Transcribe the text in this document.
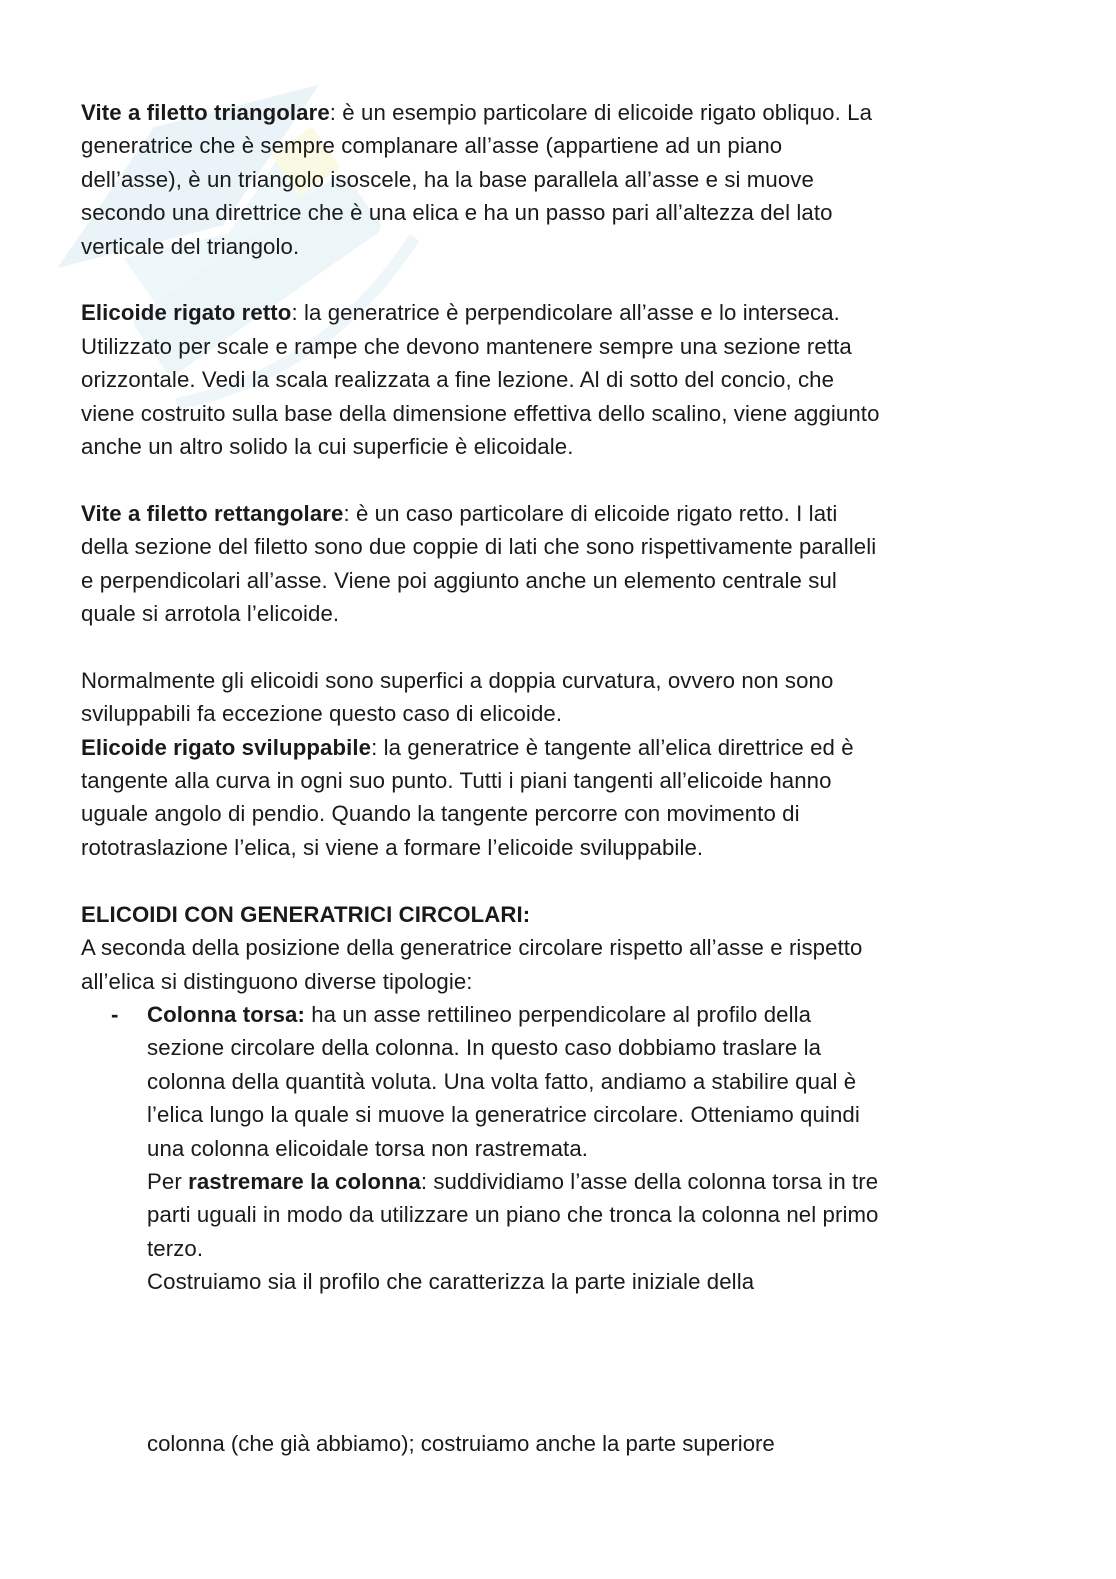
Vite a filetto triangolare: è un esempio particolare di elicoide rigato obliquo. La generatrice che è sempre complanare all’asse (appartiene ad un piano dell’asse), è un triangolo isoscele, ha la base parallela all’asse e si muove secondo una direttrice che è una elica e ha un passo pari all’altezza del lato verticale del triangolo.

Elicoide rigato retto: la generatrice è perpendicolare all’asse e lo interseca.

Utilizzato per scale e rampe che devono mantenere sempre una sezione retta orizzontale. Vedi la scala realizzata a fine lezione. Al di sotto del concio, che viene costruito sulla base della dimensione effettiva dello scalino, viene aggiunto anche un altro solido la cui superficie è elicoidale.

Vite a filetto rettangolare: è un caso particolare di elicoide rigato retto. I lati della sezione del filetto sono due coppie di lati che sono rispettivamente paralleli e perpendicolari all’asse. Viene poi aggiunto anche un elemento centrale sul quale si arrotola l’elicoide.

Normalmente gli elicoidi sono superfici a doppia curvatura, ovvero non sono sviluppabili fa eccezione questo caso di elicoide.

Elicoide rigato sviluppabile: la generatrice è tangente all’elica direttrice ed è tangente alla curva in ogni suo punto. Tutti i piani tangenti all’elicoide hanno uguale angolo di pendio. Quando la tangente percorre con movimento di rototraslazione l’elica, si viene a formare l’elicoide sviluppabile.

ELICOIDI CON GENERATRICI CIRCOLARI:

A seconda della posizione della generatrice circolare rispetto all’asse e rispetto all’elica si distinguono diverse tipologie:

- Colonna torsa: ha un asse rettilineo perpendicolare al profilo della sezione circolare della colonna. In questo caso dobbiamo traslare la colonna della quantità voluta. Una volta fatto, andiamo a stabilire qual è l’elica lungo la quale si muove la generatrice circolare. Otteniamo quindi una colonna elicoidale torsa non rastremata.

Per rastremare la colonna: suddividiamo l’asse della colonna torsa in tre parti uguali in modo da utilizzare un piano che tronca la colonna nel primo terzo.

Costruiamo sia il profilo che caratterizza la parte iniziale della

colonna (che già abbiamo); costruiamo anche la parte superiore
